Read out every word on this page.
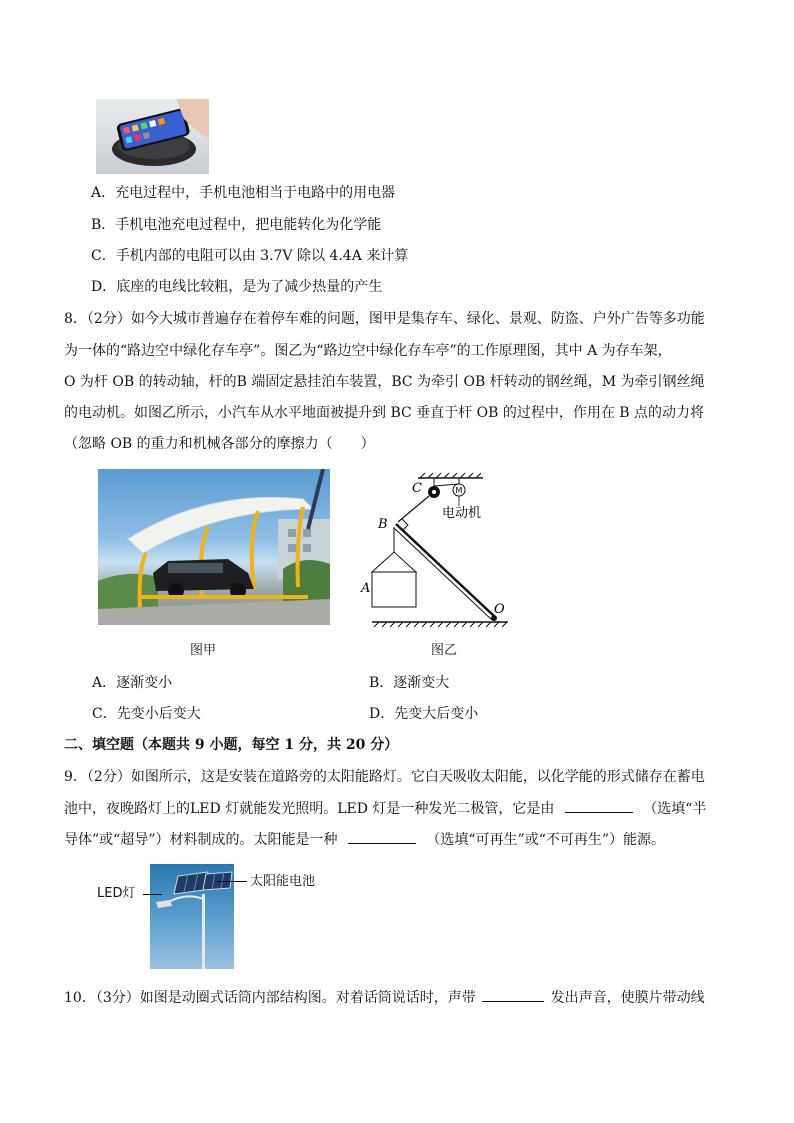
A．充电过程中，手机电池相当于电路中的用电器
B．手机电池充电过程中，把电能转化为化学能
C．手机内部的电阻可以由 3.7V 除以 4.4A 来计算
D．底座的电线比较粗，是为了减少热量的产生
8．（2分）如今大城市普遍存在着停车难的问题，图甲是集存车、绿化、景观、防盗、户外广告等多功能
为一体的“路边空中绿化存车亭”。图乙为“路边空中绿化存车亭”的工作原理图，其中 A 为存车架，
O 为杆 OB 的转动轴，杆的B 端固定悬挂泊车装置，BC 为牵引 OB 杆转动的钢丝绳，M 为牵引钢丝绳
的电动机。如图乙所示，小汽车从水平地面被提升到 BC 垂直于杆 OB 的过程中，作用在 B 点的动力将
（忽略 OB 的重力和机械各部分的摩擦力（　　）
图甲
M
电动机
C
B
A
O
图乙
A．逐渐变小	B．逐渐变大
C．先变小后变大	D．先变大后变小
二、填空题（本题共 9 小题，每空 1 分，共 20 分）
9．（2分）如图所示，这是安装在道路旁的太阳能路灯。它白天吸收太阳能，以化学能的形式储存在蓄电
池中，夜晚路灯上的LED 灯就能发光照明。LED 灯是一种发光二极管，它是由	（选填“半
导体”或“超导”）材料制成的。太阳能是一种	（选填“可再生”或“不可再生”）能源。
LED灯
太阳能电池
10．（3分）如图是动圈式话筒内部结构图。对着话筒说话时，声带	发出声音，使膜片带动线
